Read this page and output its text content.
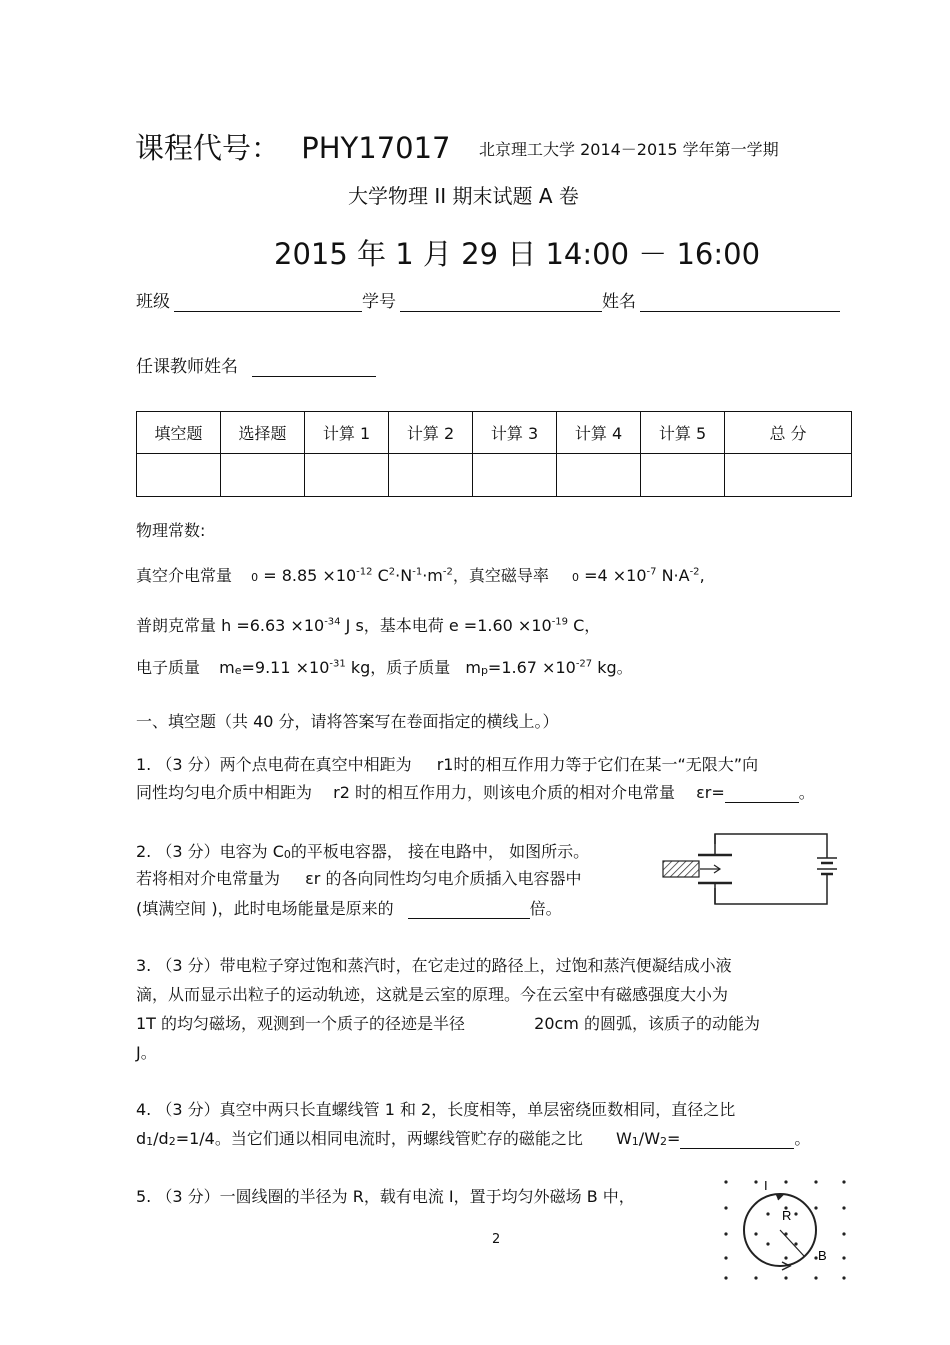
课程代号： PHY17017 北京理工大学 2014－2015 学年第一学期
大学物理 II 期末试题 A 卷
2015 年 1 月 29 日 14:00 － 16:00
班级	学号	姓名
任课教师姓名
填空题	选择题	计算 1	计算 2	计算 3	计算 4	计算 5	总 分

物理常数:
真空介电常量 $0 = 8.85 \times 10^{-12}$ $C^2\cdot N^{-1}\cdot m^{-2}$，真空磁导率 $0 =4 \times 10^{-7}$ $N\cdot A^{-2}$,
普朗克常量 $h =6.63 \times 10^{-34}$ J s，基本电荷 $e =1.60 \times 10^{-19}$ C，
电子质量 $m_e=9.11 \times 10^{-31}$ kg，质子质量 $m_p=1.67 \times 10^{-27}$ kg。
一、填空题（共 40 分，请将答案写在卷面指定的横线上。）
1. （3 分）两个点电荷在真空中相距为 r1时的相互作用力等于它们在某一“无限大”向
同性均匀电介质中相距为 r2 时的相互作用力，则该电介质的相对介电常量 εr=	。
2. （3 分）电容为 $C_0$的平板电容器， 接在电路中， 如图所示。
若将相对介电常量为 εr 的各向同性均匀电介质插入电容器中
(填满空间 )，此时电场能量是原来的	倍。
3. （3 分）带电粒子穿过饱和蒸汽时，在它走过的路径上，过饱和蒸汽便凝结成小液
滴，从而显示出粒子的运动轨迹，这就是云室的原理。今在云室中有磁感强度大小为
1T 的均匀磁场，观测到一个质子的径迹是半径	20cm 的圆弧，该质子的动能为
J。
4. （3 分）真空中两只长直螺线管 1 和 2，长度相等，单层密绕匝数相同，直径之比
$d_1/d_2=1/4$。当它们通以相同电流时，两螺线管贮存的磁能之比 $W_1/W_2=$	。
5. （3 分）一圆线圈的半径为 R，载有电流 I，置于均匀外磁场 B 中，
I
R
B
2
